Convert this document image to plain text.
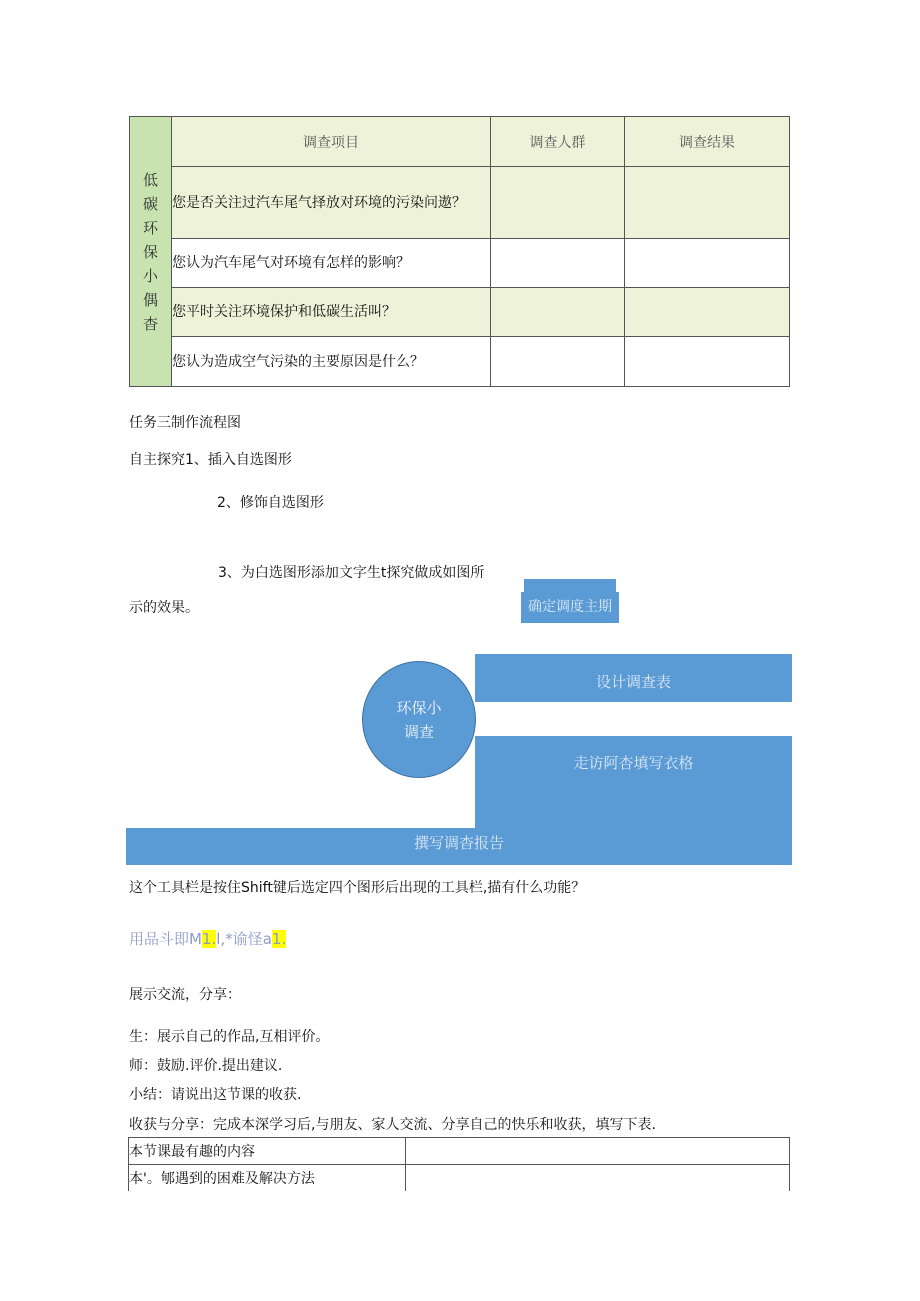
低碳环保小偶杳	调查项目	调查人群	调查结果
	您是否关注过汽车尾气择放对环境的污染问遨？		
	您认为汽车尾气对环境有怎样的影响？		
	您平时关注环境保护和低碳生活叫？		
	您认为造成空气污染的主要原因是什么？		
任务三制作流程图
自主探究1、插入自选图形
2、修饰自选图形
3、为白选图形添加文字生t探究做成如图所
示的效果。	确定调度主期
设计调查表
走访阿杏填写衣格
撰写调杳报告
环保小调查
这个工具栏是按住Shift键后选定四个图形后出现的工具栏,描有什么功能？
用品斗即M1.l,*谕怪a1.
展示交流，分享：
生：展示自己的作品,互相评价。
师：鼓励.评价.提出建议.
小结：请说出这节课的收获.
收获与分享：完成本深学习后,与朋友、家人交流、分享自己的快乐和收获，填写下表.
本节课最有趣的内容	
本'。郇遇到的困难及解决方法	
